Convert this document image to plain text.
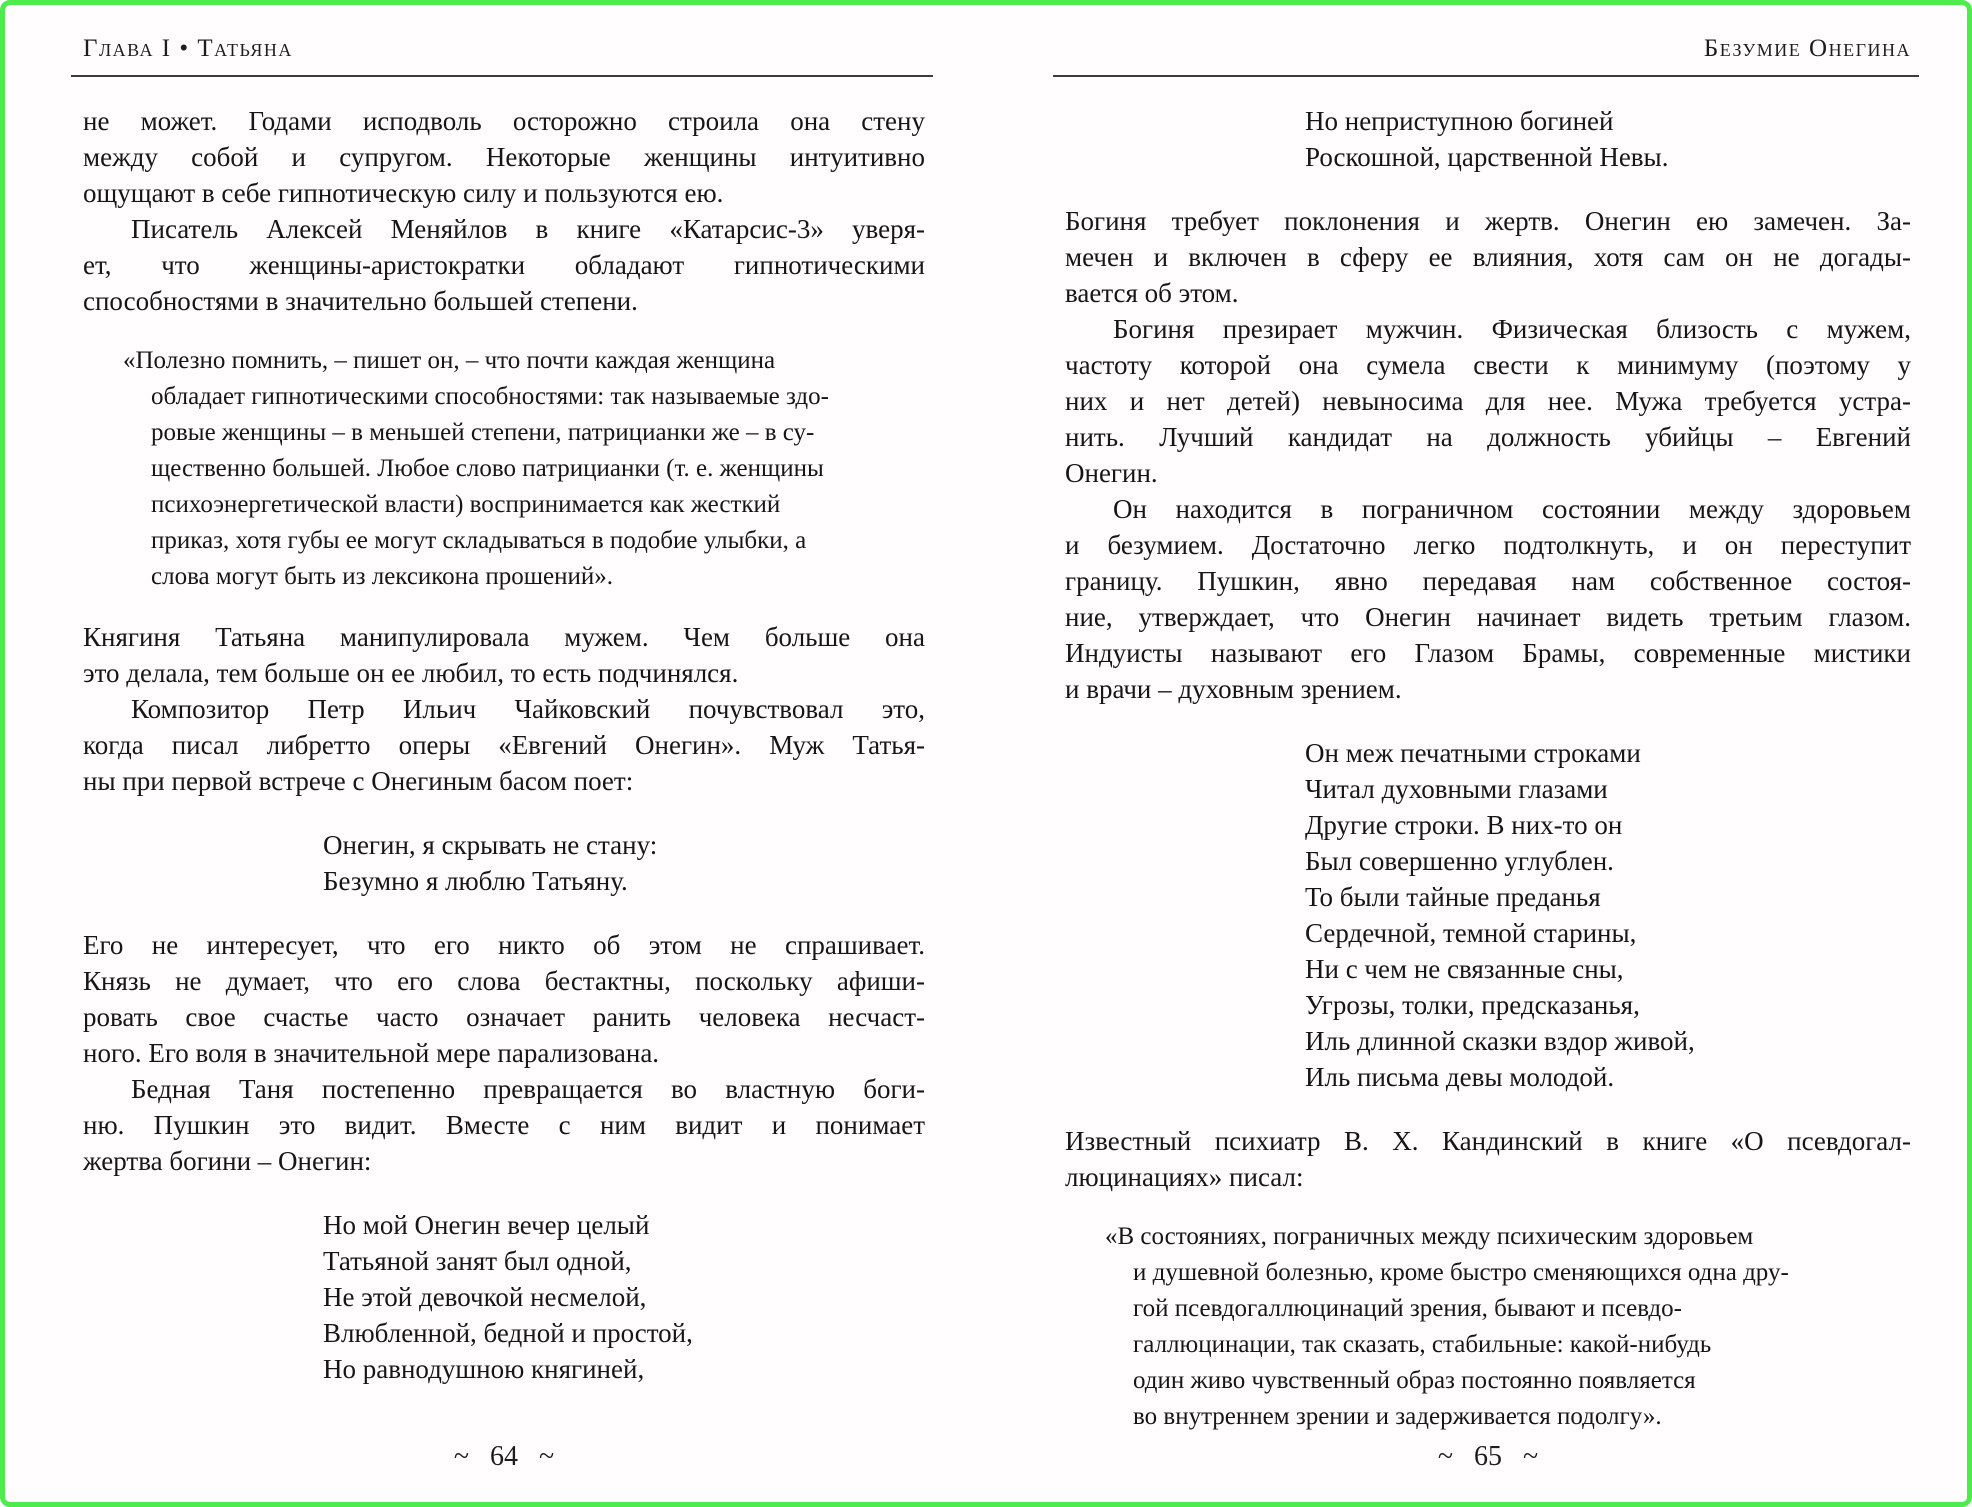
Глава I • Татьяна
не может. Годами исподволь осторожно строила она стену
между собой и супругом. Некоторые женщины интуитивно
ощущают в себе гипнотическую силу и пользуются ею.
Писатель Алексей Меняйлов в книге «Катарсис-3» уверя-
ет, что женщины-аристократки обладают гипнотическими
способностями в значительно большей степени.
«Полезно помнить, – пишет он, – что почти каждая женщина
обладает гипнотическими способностями: так называемые здо-
ровые женщины – в меньшей степени, патрицианки же – в су-
щественно большей. Любое слово патрицианки (т. е. женщины
психоэнергетической власти) воспринимается как жесткий
приказ, хотя губы ее могут складываться в подобие улыбки, а
слова могут быть из лексикона прошений».
Княгиня Татьяна манипулировала мужем. Чем больше она
это делала, тем больше он ее любил, то есть подчинялся.
Композитор Петр Ильич Чайковский почувствовал это,
когда писал либретто оперы «Евгений Онегин». Муж Татья-
ны при первой встрече с Онегиным басом поет:
Онегин, я скрывать не стану:
Безумно я люблю Татьяну.
Его не интересует, что его никто об этом не спрашивает.
Князь не думает, что его слова бестактны, поскольку афиши-
ровать свое счастье часто означает ранить человека несчаст-
ного. Его воля в значительной мере парализована.
Бедная Таня постепенно превращается во властную боги-
ню. Пушкин это видит. Вместе с ним видит и понимает
жертва богини – Онегин:
Но мой Онегин вечер целый
Татьяной занят был одной,
Не этой девочкой несмелой,
Влюбленной, бедной и простой,
Но равнодушною княгиней,
~ 64 ~
Безумие Онегина
Но неприступною богиней
Роскошной, царственной Невы.
Богиня требует поклонения и жертв. Онегин ею замечен. За-
мечен и включен в сферу ее влияния, хотя сам он не догады-
вается об этом.
Богиня презирает мужчин. Физическая близость с мужем,
частоту которой она сумела свести к минимуму (поэтому у
них и нет детей) невыносима для нее. Мужа требуется устра-
нить. Лучший кандидат на должность убийцы – Евгений
Онегин.
Он находится в пограничном состоянии между здоровьем
и безумием. Достаточно легко подтолкнуть, и он переступит
границу. Пушкин, явно передавая нам собственное состоя-
ние, утверждает, что Онегин начинает видеть третьим глазом.
Индуисты называют его Глазом Брамы, современные мистики
и врачи – духовным зрением.
Он меж печатными строками
Читал духовными глазами
Другие строки. В них-то он
Был совершенно углублен.
То были тайные преданья
Сердечной, темной старины,
Ни с чем не связанные сны,
Угрозы, толки, предсказанья,
Иль длинной сказки вздор живой,
Иль письма девы молодой.
Известный психиатр В. Х. Кандинский в книге «О псевдогал-
люцинациях» писал:
«В состояниях, пограничных между психическим здоровьем
и душевной болезнью, кроме быстро сменяющихся одна дру-
гой псевдогаллюцинаций зрения, бывают и псевдо-
галлюцинации, так сказать, стабильные: какой-нибудь
один живо чувственный образ постоянно появляется
во внутреннем зрении и задерживается подолгу».
~ 65 ~
